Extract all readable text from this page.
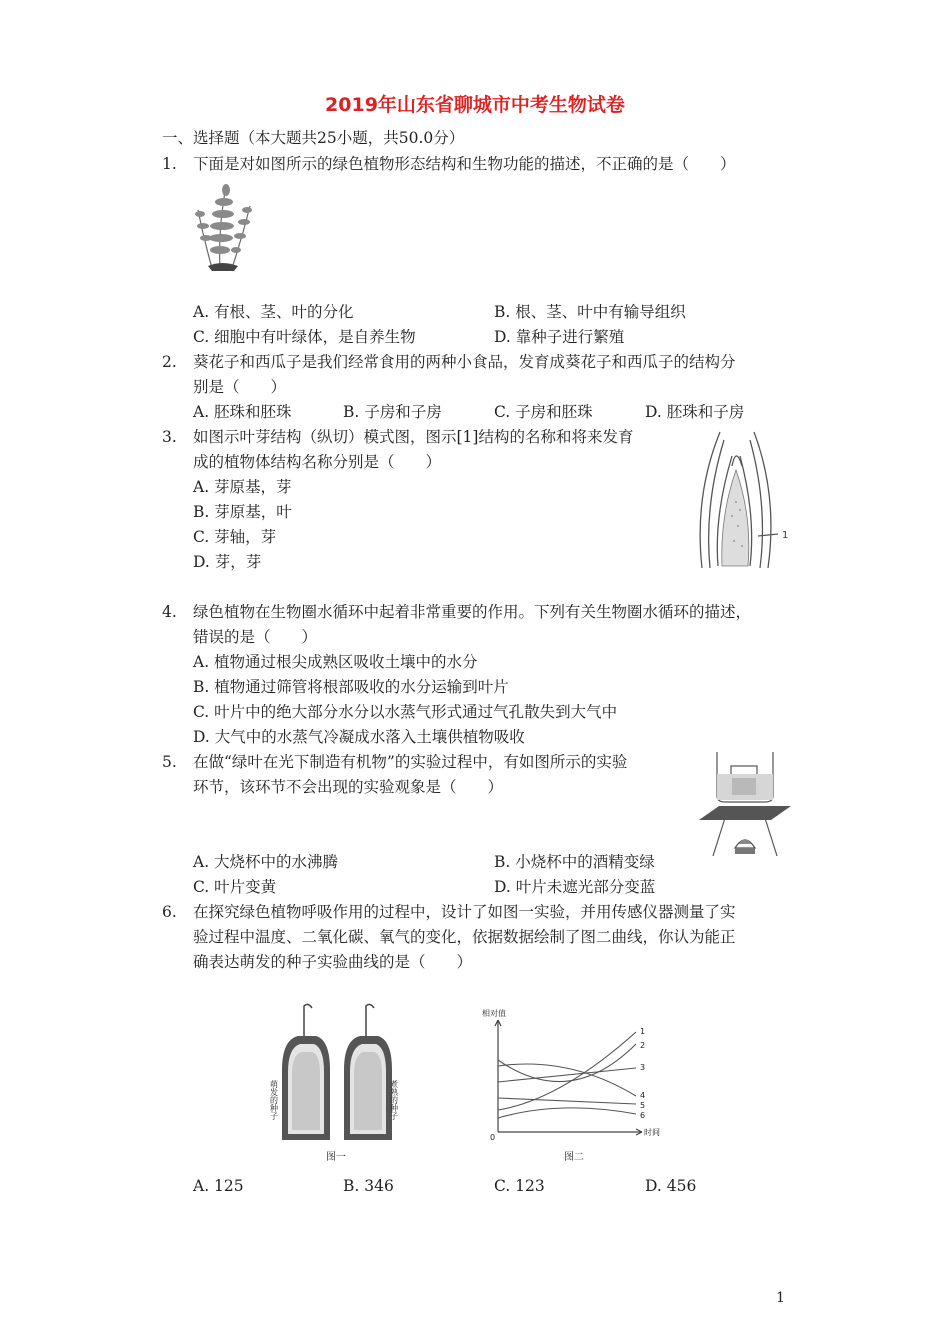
2019年山东省聊城市中考生物试卷
一、选择题（本大题共25小题，共50.0分）
1.	下面是对如图所示的绿色植物形态结构和生物功能的描述，不正确的是（　　）
A. 有根、茎、叶的分化	B. 根、茎、叶中有输导组织
C. 细胞中有叶绿体，是自养生物	D. 靠种子进行繁殖
2.	葵花子和西瓜子是我们经常食用的两种小食品，发育成葵花子和西瓜子的结构分
别是（　　）
A. 胚珠和胚珠	B. 子房和子房	C. 子房和胚珠	D. 胚珠和子房
3.	如图示叶芽结构（纵切）模式图，图示[1]结构的名称和将来发育
成的植物体结构名称分别是（　　）
A. 芽原基，芽
B. 芽原基，叶
C. 芽轴，芽
D. 芽，芽
1
4.	绿色植物在生物圈水循环中起着非常重要的作用。下列有关生物圈水循环的描述，
错误的是（　　）
A. 植物通过根尖成熟区吸收土壤中的水分
B. 植物通过筛管将根部吸收的水分运输到叶片
C. 叶片中的绝大部分水分以水蒸气形式通过气孔散失到大气中
D. 大气中的水蒸气冷凝成水落入土壤供植物吸收
5.	在做“绿叶在光下制造有机物”的实验过程中，有如图所示的实验
环节，该环节不会出现的实验观象是（　　）
A. 大烧杯中的水沸腾	B. 小烧杯中的酒精变绿
C. 叶片变黄	D. 叶片未遮光部分变蓝
6.	在探究绿色植物呼吸作用的过程中，设计了如图一实验，并用传感仪器测量了实
验过程中温度、二氧化碳、氧气的变化，依据数据绘制了图二曲线，你认为能正
确表达萌发的种子实验曲线的是（　　）
萌发的种子	煮熟的种子
图一
1
2
3
4
5
6
相对值
时间
0
图二
A. 125	B. 346	C. 123	D. 456
1
